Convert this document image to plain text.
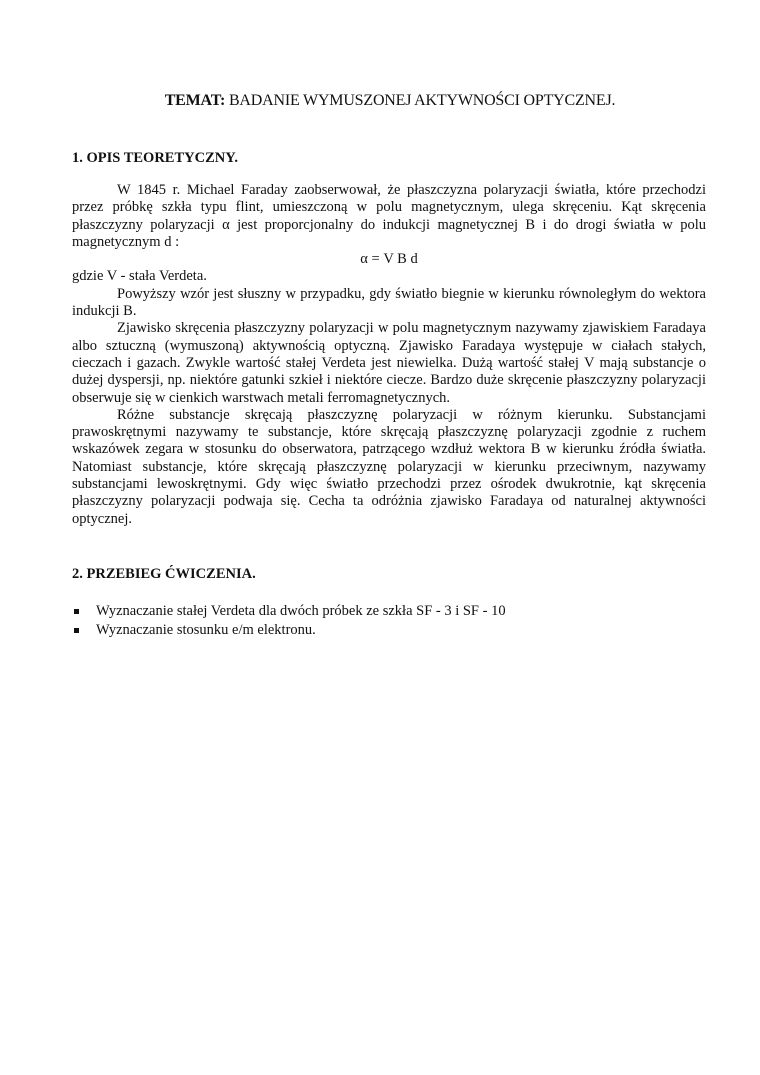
TEMAT: BADANIE WYMUSZONEJ AKTYWNOŚCI OPTYCZNEJ.
1. OPIS TEORETYCZNY.

W 1845 r. Michael Faraday zaobserwował, że płaszczyzna polaryzacji światła, które przechodzi przez próbkę szkła typu flint, umieszczoną w polu magnetycznym, ulega skręceniu. Kąt skręcenia płaszczyzny polaryzacji α jest proporcjonalny do indukcji magnetycznej B i do drogi światła w polu magnetycznym d :

α = V B d

gdzie V - stała Verdeta.

Powyższy wzór jest słuszny w przypadku, gdy światło biegnie w kierunku równoległym do wektora indukcji B.

Zjawisko skręcenia płaszczyzny polaryzacji w polu magnetycznym nazywamy zjawiskiem Faradaya albo sztuczną (wymuszoną) aktywnością optyczną. Zjawisko Faradaya występuje w ciałach stałych, cieczach i gazach. Zwykle wartość stałej Verdeta jest niewielka. Dużą wartość stałej V mają substancje o dużej dyspersji, np. niektóre gatunki szkieł i niektóre ciecze. Bardzo duże skręcenie płaszczyzny polaryzacji obserwuje się w cienkich warstwach metali ferromagnetycznych.

Różne substancje skręcają płaszczyznę polaryzacji w różnym kierunku. Substancjami prawoskrętnymi nazywamy te substancje, które skręcają płaszczyznę polaryzacji zgodnie z ruchem wskazówek zegara w stosunku do obserwatora, patrzącego wzdłuż wektora B w kierunku źródła światła. Natomiast substancje, które skręcają płaszczyznę polaryzacji w kierunku przeciwnym, nazywamy substancjami lewoskrętnymi. Gdy więc światło przechodzi przez ośrodek dwukrotnie, kąt skręcenia płaszczyzny polaryzacji podwaja się. Cecha ta odróżnia zjawisko Faradaya od naturalnej aktywności optycznej.

2. PRZEBIEG ĆWICZENIA.
Wyznaczanie stałej Verdeta dla dwóch próbek ze szkła SF - 3 i SF - 10
Wyznaczanie stosunku e/m elektronu.
